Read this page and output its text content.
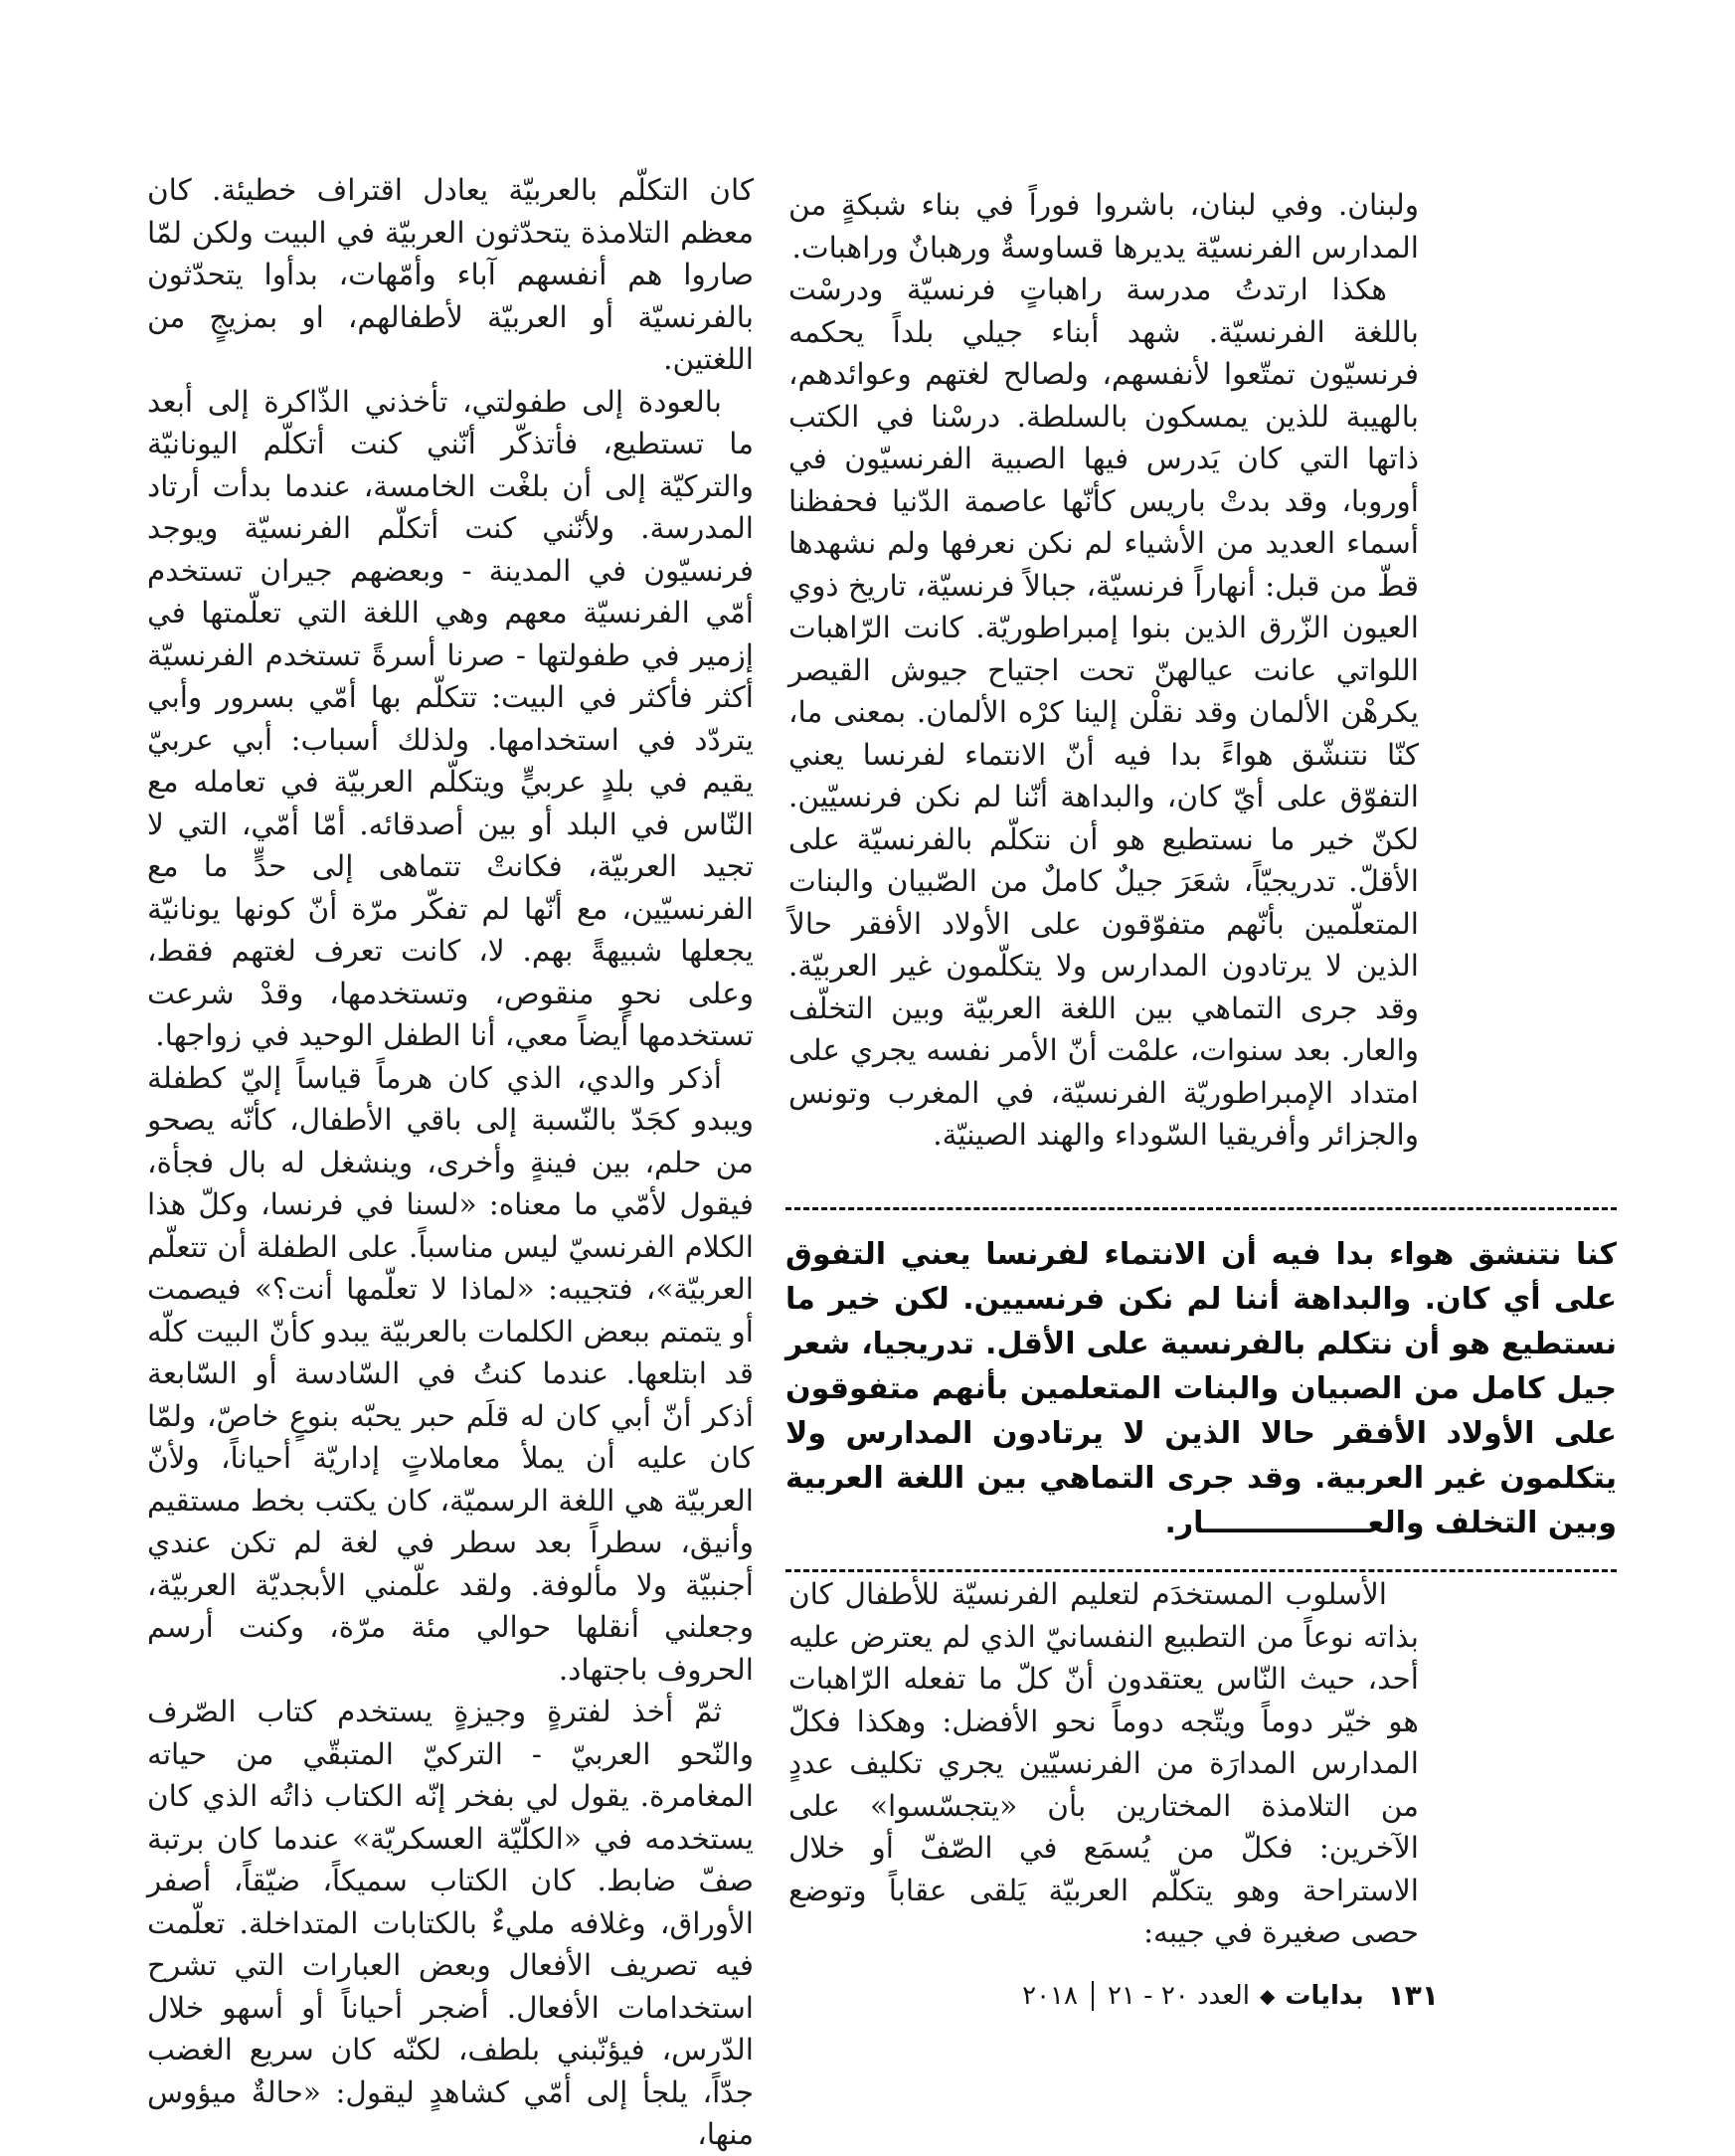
ولبنان. وفي لبنان، باشروا فوراً في بناء شبكةٍ من المدارس الفرنسيّة يديرها قساوسةٌ ورهبانٌ وراهبات.

هكذا ارتدتُ مدرسة راهباتٍ فرنسيّة ودرسْت باللغة الفرنسيّة. شهد أبناء جيلي بلداً يحكمه فرنسيّون تمتّعوا لأنفسهم، ولصالح لغتهم وعوائدهم، بالهيبة للذين يمسكون بالسلطة. درسْنا في الكتب ذاتها التي كان يَدرس فيها الصبية الفرنسيّون في أوروبا، وقد بدتْ باريس كأنّها عاصمة الدّنيا فحفظنا أسماء العديد من الأشياء لم نكن نعرفها ولم نشهدها قطّ من قبل: أنهاراً فرنسيّة، جبالاً فرنسيّة، تاريخ ذوي العيون الزّرق الذين بنوا إمبراطوريّة. كانت الرّاهبات اللواتي عانت عيالهنّ تحت اجتياح جيوش القيصر يكرهْن الألمان وقد نقلْن إلينا كرْه الألمان. بمعنى ما، كنّا نتنشّق هواءً بدا فيه أنّ الانتماء لفرنسا يعني التفوّق على أيّ كان، والبداهة أنّنا لم نكن فرنسيّين. لكنّ خير ما نستطيع هو أن نتكلّم بالفرنسيّة على الأقلّ. تدريجيّاً، شعَرَ جيلٌ كاملٌ من الصّبيان والبنات المتعلّمين بأنّهم متفوّقون على الأولاد الأفقر حالاً الذين لا يرتادون المدارس ولا يتكلّمون غير العربيّة. وقد جرى التماهي بين اللغة العربيّة وبين التخلّف والعار. بعد سنوات، علمْت أنّ الأمر نفسه يجري على امتداد الإمبراطوريّة الفرنسيّة، في المغرب وتونس والجزائر وأفريقيا السّوداء والهند الصينيّة.

كنا نتنشق هواء بدا فيه أن الانتماء لفرنسا يعني التفوق على أي كان. والبداهة أننا لم نكن فرنسيين. لكن خير ما نستطيع هو أن نتكلم بالفرنسية على الأقل. تدريجيا، شعر جيل كامل من الصبيان والبنات المتعلمين بأنهم متفوقون على الأولاد الأفقر حالا الذين لا يرتادون المدارس ولا يتكلمون غير العربية. وقد جرى التماهي بين اللغة العربية وبين التخلف والعــــــــــــــــار.

الأسلوب المستخدَم لتعليم الفرنسيّة للأطفال كان بذاته نوعاً من التطبيع النفسانيّ الذي لم يعترض عليه أحد، حيث النّاس يعتقدون أنّ كلّ ما تفعله الرّاهبات هو خيّر دوماً ويتّجه دوماً نحو الأفضل: وهكذا فكلّ المدارس المدارَة من الفرنسيّين يجري تكليف عددٍ من التلامذة المختارين بأن «يتجسّسوا» على الآخرين: فكلّ من يُسمَع في الصّفّ أو خلال الاستراحة وهو يتكلّم العربيّة يَلقى عقاباً وتوضع حصى صغيرة في جيبه:

كان التكلّم بالعربيّة يعادل اقتراف خطيئة. كان معظم التلامذة يتحدّثون العربيّة في البيت ولكن لمّا صاروا هم أنفسهم آباء وأمّهات، بدأوا يتحدّثون بالفرنسيّة أو العربيّة لأطفالهم، او بمزيجٍ من اللغتين.

بالعودة إلى طفولتي، تأخذني الذّاكرة إلى أبعد ما تستطيع، فأتذكّر أنّني كنت أتكلّم اليونانيّة والتركيّة إلى أن بلغْت الخامسة، عندما بدأت أرتاد المدرسة. ولأنّني كنت أتكلّم الفرنسيّة ويوجد فرنسيّون في المدينة - وبعضهم جيران تستخدم أمّي الفرنسيّة معهم وهي اللغة التي تعلّمتها في إزمير في طفولتها - صرنا أسرةً تستخدم الفرنسيّة أكثر فأكثر في البيت: تتكلّم بها أمّي بسرور وأبي يتردّد في استخدامها. ولذلك أسباب: أبي عربيّ يقيم في بلدٍ عربيٍّ ويتكلّم العربيّة في تعامله مع النّاس في البلد أو بين أصدقائه. أمّا أمّي، التي لا تجيد العربيّة، فكانتْ تتماهى إلى حدٍّ ما مع الفرنسيّين، مع أنّها لم تفكّر مرّة أنّ كونها يونانيّة يجعلها شبيهةً بهم. لا، كانت تعرف لغتهم فقط، وعلى نحوٍ منقوص، وتستخدمها، وقدْ شرعت تستخدمها أيضاً معي، أنا الطفل الوحيد في زواجها.

أذكر والدي، الذي كان هرماً قياساً إليّ كطفلة ويبدو كجَدّ بالنّسبة إلى باقي الأطفال، كأنّه يصحو من حلم، بين فينةٍ وأخرى، وينشغل له بال فجأة، فيقول لأمّي ما معناه: «لسنا في فرنسا، وكلّ هذا الكلام الفرنسيّ ليس مناسباً. على الطفلة أن تتعلّم العربيّة»، فتجيبه: «لماذا لا تعلّمها أنت؟» فيصمت أو يتمتم ببعض الكلمات بالعربيّة يبدو كأنّ البيت كلّه قد ابتلعها. عندما كنتُ في السّادسة أو السّابعة أذكر أنّ أبي كان له قلَم حبر يحبّه بنوعٍ خاصّ، ولمّا كان عليه أن يملأ معاملاتٍ إداريّة أحياناً، ولأنّ العربيّة هي اللغة الرسميّة، كان يكتب بخط مستقيم وأنيق، سطراً بعد سطر في لغة لم تكن عندي أجنبيّة ولا مألوفة. ولقد علّمني الأبجديّة العربيّة، وجعلني أنقلها حوالي مئة مرّة، وكنت أرسم الحروف باجتهاد.

ثمّ أخذ لفترةٍ وجيزةٍ يستخدم كتاب الصّرف والنّحو العربيّ - التركيّ المتبقّي من حياته المغامرة. يقول لي بفخر إنّه الكتاب ذاتُه الذي كان يستخدمه في «الكلّيّة العسكريّة» عندما كان برتبة صفّ ضابط. كان الكتاب سميكاً، ضيّقاً، أصفر الأوراق، وغلافه مليءٌ بالكتابات المتداخلة. تعلّمت فيه تصريف الأفعال وبعض العبارات التي تشرح استخدامات الأفعال. أضجر أحياناً أو أسهو خلال الدّرس، فيؤنّبني بلطف، لكنّه كان سريع الغضب جدّاً، يلجأ إلى أمّي كشاهدٍ ليقول: «حالةٌ ميؤوس منها،

١٣١
بدايات
◆
العدد ٢٠ - ٢١
٢٠١٨
